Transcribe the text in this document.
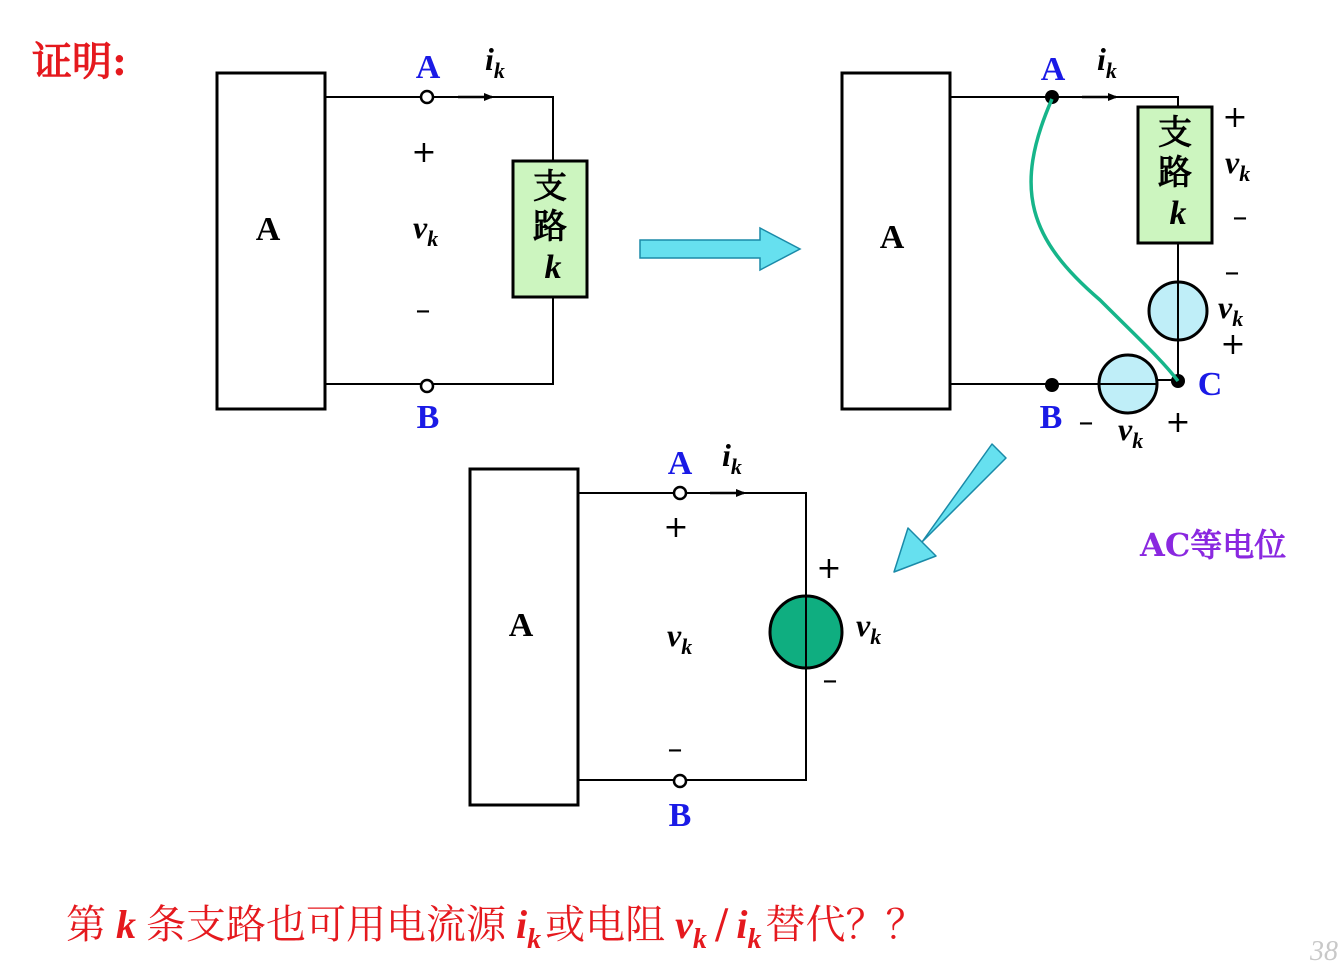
证明:
A
A
B
$i_k$
+
$v_k$
–
支
路
k
A
A
B
C
$i_k$
支
路
k
+
$v_k$
–
–
$v_k$
+
– $v_k$
+
AC等电位
A
A
B
$i_k$
+
$v_k$
–
+
$v_k$
–
第 k 条支路也可用电流源 $i_k$ 或电阻 $v_k / i_k$ 替代？？
38
